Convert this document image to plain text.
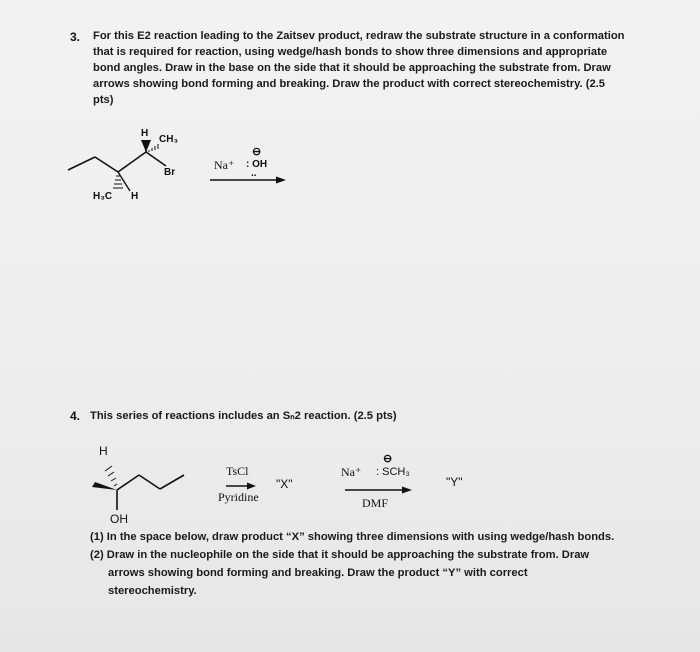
3. For this E2 reaction leading to the Zaitsev product, redraw the substrate structure in a conformation
that is required for reaction, using wedge/hash bonds to show three dimensions and appropriate
bond angles. Draw in the base on the side that it should be approaching the substrate from. Draw
arrows showing bond forming and breaking. Draw the product with correct stereochemistry. (2.5
pts)
H
CH₃
Br
H₃C H
⊖
Na⁺ : OH
..
4. This series of reactions includes an Sₙ2 reaction. (2.5 pts)
H
OH
TsCl
Pyridine
"X"
⊖
Na⁺ : SCH₃
DMF
"Y"
(1) In the space below, draw product “X” showing three dimensions with using wedge/hash bonds.
(2) Draw in the nucleophile on the side that it should be approaching the substrate from. Draw
arrows showing bond forming and breaking. Draw the product “Y” with correct
stereochemistry.
